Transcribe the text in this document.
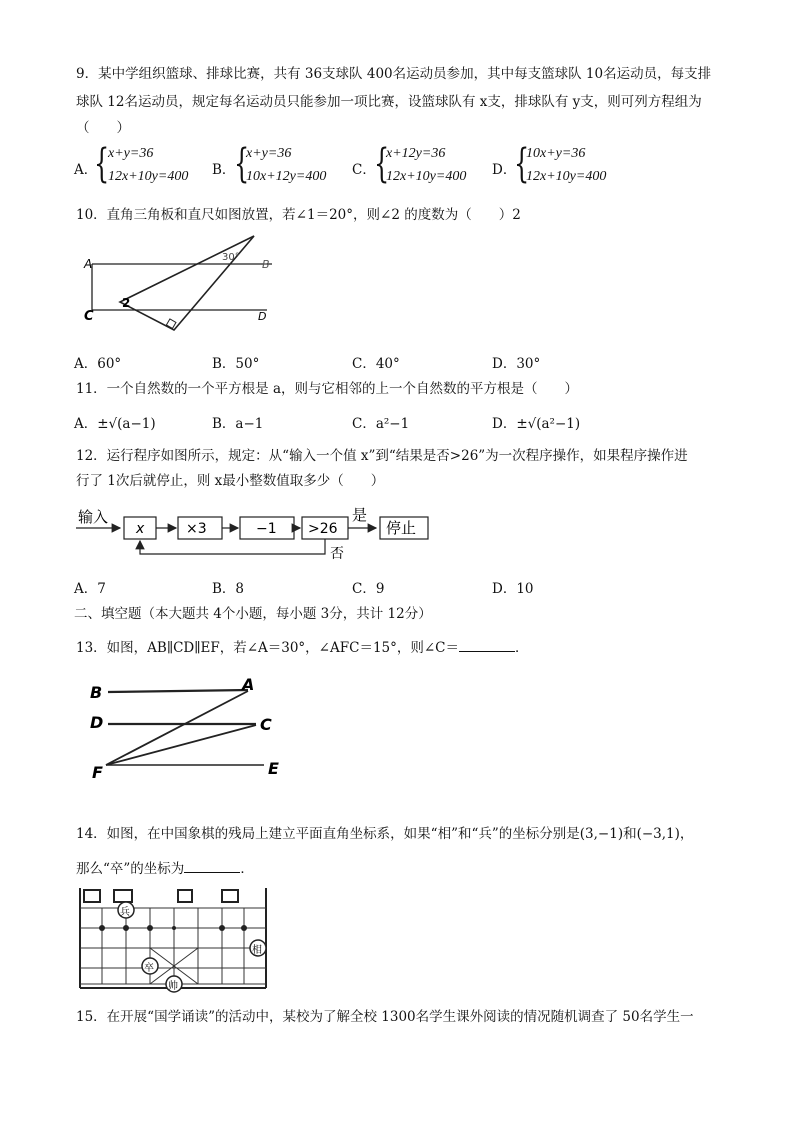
9．某中学组织篮球、排球比赛，共有 36支球队 400名运动员参加，其中每支篮球队 10名运动员，每支排
球队 12名运动员，规定每名运动员只能参加一项比赛，设篮球队有 x支，排球队有 y支，则可列方程组为
（　　）
A．
{
x+y=36
12x+10y=400 B．
{
x+y=36
10x+12y=400 C．
{
x+12y=36
12x+10y=400 D．
{
10x+y=36
12x+10y=400
10．直角三角板和直尺如图放置，若∠1＝20°，则∠2 的度数为（　　）2
A	B
C	D
2
30°
A．60°	B．50°	C．40°	D．30°
11．一个自然数的一个平方根是 a，则与它相邻的上一个自然数的平方根是（　　）
A．±√(a−1)	B．a−1	C．a²−1	D．±√(a²−1)
12．运行程序如图所示，规定：从“输入一个值 x”到“结果是否>26”为一次程序操作，如果程序操作进
行了 1次后就停止，则 x最小整数值取多少（　　）
输入
x	×3	−1 >26
是
停止
否
A．7	B．8	C．9	D．10
二、填空题（本大题共 4个小题，每小题 3分，共计 12分）
13．如图，AB∥CD∥EF，若∠A＝30°，∠AFC＝15°，则∠C＝	．
B	A
D	C
F	E
14．如图，在中国象棋的残局上建立平面直角坐标系，如果“相”和“兵”的坐标分别是(3,−1)和(−3,1)，
那么“卒”的坐标为	．
兵
相
卒
帅
15．在开展“国学诵读”的活动中，某校为了解全校 1300名学生课外阅读的情况随机调查了 50名学生一
